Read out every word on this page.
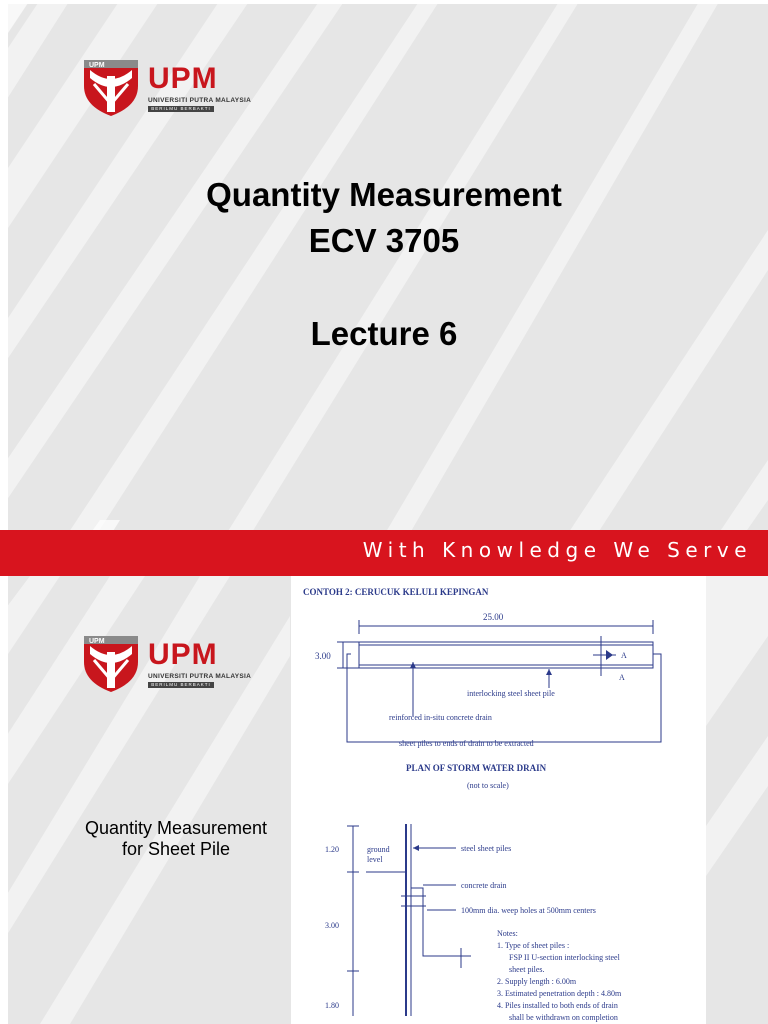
UPM UPM
UNIVERSITI PUTRA MALAYSIA
BERILMU BERBAKTI
Quantity Measurement
ECV 3705
Lecture 6
With Knowledge We Serve
UPM UPM
UNIVERSITI PUTRA MALAYSIA
BERILMU BERBAKTI
Quantity Measurement
for Sheet Pile
CONTOH 2: CERUCUK KELULI KEPINGAN
25.00
3.00	A
A
interlocking steel sheet pile
reinforced in-situ concrete drain
sheet piles to ends of drain to be extracted
PLAN OF STORM WATER DRAIN
(not to scale)
1.20
3.00
1.80
ground
level
steel sheet piles
concrete drain
100mm dia. weep holes at 500mm centers
Notes:
1. Type of sheet piles :
FSP II U-section interlocking steel
sheet piles.
2. Supply length : 6.00m
3. Estimated penetration depth : 4.80m
4. Piles installed to both ends of drain
shall be withdrawn on completion
